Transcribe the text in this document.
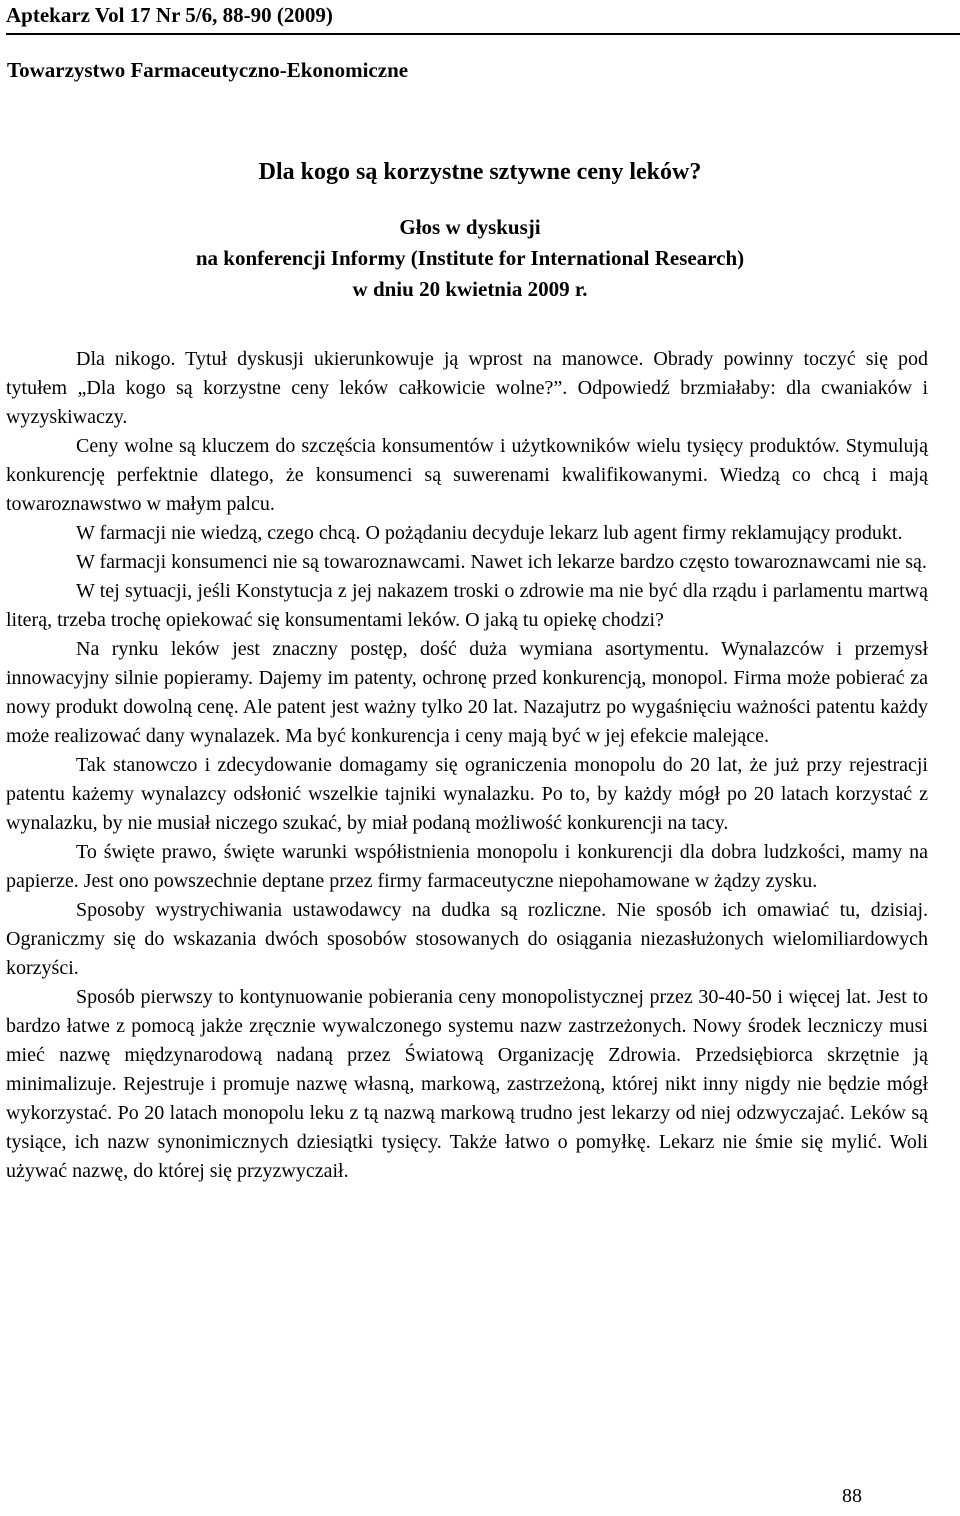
Aptekarz Vol 17 Nr 5/6, 88-90 (2009)
Towarzystwo Farmaceutyczno-Ekonomiczne
Dla kogo są korzystne sztywne ceny leków?
Głos w dyskusji
na konferencji Informy (Institute for International Research)
w dniu 20 kwietnia 2009 r.

Dla nikogo. Tytuł dyskusji ukierunkowuje ją wprost na manowce. Obrady powinny toczyć się pod tytułem „Dla kogo są korzystne ceny leków całkowicie wolne?”. Odpowiedź brzmiałaby: dla cwaniaków i wyzyskiwaczy.

Ceny wolne są kluczem do szczęścia konsumentów i użytkowników wielu tysięcy produktów. Stymulują konkurencję perfektnie dlatego, że konsumenci są suwerenami kwalifikowanymi. Wiedzą co chcą i mają towaroznawstwo w małym palcu.

W farmacji nie wiedzą, czego chcą. O pożądaniu decyduje lekarz lub agent firmy reklamujący produkt.

W farmacji konsumenci nie są towaroznawcami. Nawet ich lekarze bardzo często towaroznawcami nie są.

W tej sytuacji, jeśli Konstytucja z jej nakazem troski o zdrowie ma nie być dla rządu i parlamentu martwą literą, trzeba trochę opiekować się konsumentami leków. O jaką tu opiekę chodzi?

Na rynku leków jest znaczny postęp, dość duża wymiana asortymentu. Wynalazców i przemysł innowacyjny silnie popieramy. Dajemy im patenty, ochronę przed konkurencją, monopol. Firma może pobierać za nowy produkt dowolną cenę. Ale patent jest ważny tylko 20 lat. Nazajutrz po wygaśnięciu ważności patentu każdy może realizować dany wynalazek. Ma być konkurencja i ceny mają być w jej efekcie malejące.

Tak stanowczo i zdecydowanie domagamy się ograniczenia monopolu do 20 lat, że już przy rejestracji patentu każemy wynalazcy odsłonić wszelkie tajniki wynalazku. Po to, by każdy mógł po 20 latach korzystać z wynalazku, by nie musiał niczego szukać, by miał podaną możliwość konkurencji na tacy.

To święte prawo, święte warunki współistnienia monopolu i konkurencji dla dobra ludzkości, mamy na papierze. Jest ono powszechnie deptane przez firmy farmaceutyczne niepohamowane w żądzy zysku.

Sposoby wystrychiwania ustawodawcy na dudka są rozliczne. Nie sposób ich omawiać tu, dzisiaj. Ograniczmy się do wskazania dwóch sposobów stosowanych do osiągania niezasłużonych wielomiliardowych korzyści.

Sposób pierwszy to kontynuowanie pobierania ceny monopolistycznej przez 30-40-50 i więcej lat. Jest to bardzo łatwe z pomocą jakże zręcznie wywalczonego systemu nazw zastrzeżonych. Nowy środek leczniczy musi mieć nazwę międzynarodową nadaną przez Światową Organizację Zdrowia. Przedsiębiorca skrzętnie ją minimalizuje. Rejestruje i promuje nazwę własną, markową, zastrzeżoną, której nikt inny nigdy nie będzie mógł wykorzystać. Po 20 latach monopolu leku z tą nazwą markową trudno jest lekarzy od niej odzwyczajać. Leków są tysiące, ich nazw synonimicznych dziesiątki tysięcy. Także łatwo o pomyłkę. Lekarz nie śmie się mylić. Woli używać nazwę, do której się przyzwyczaił.

88
